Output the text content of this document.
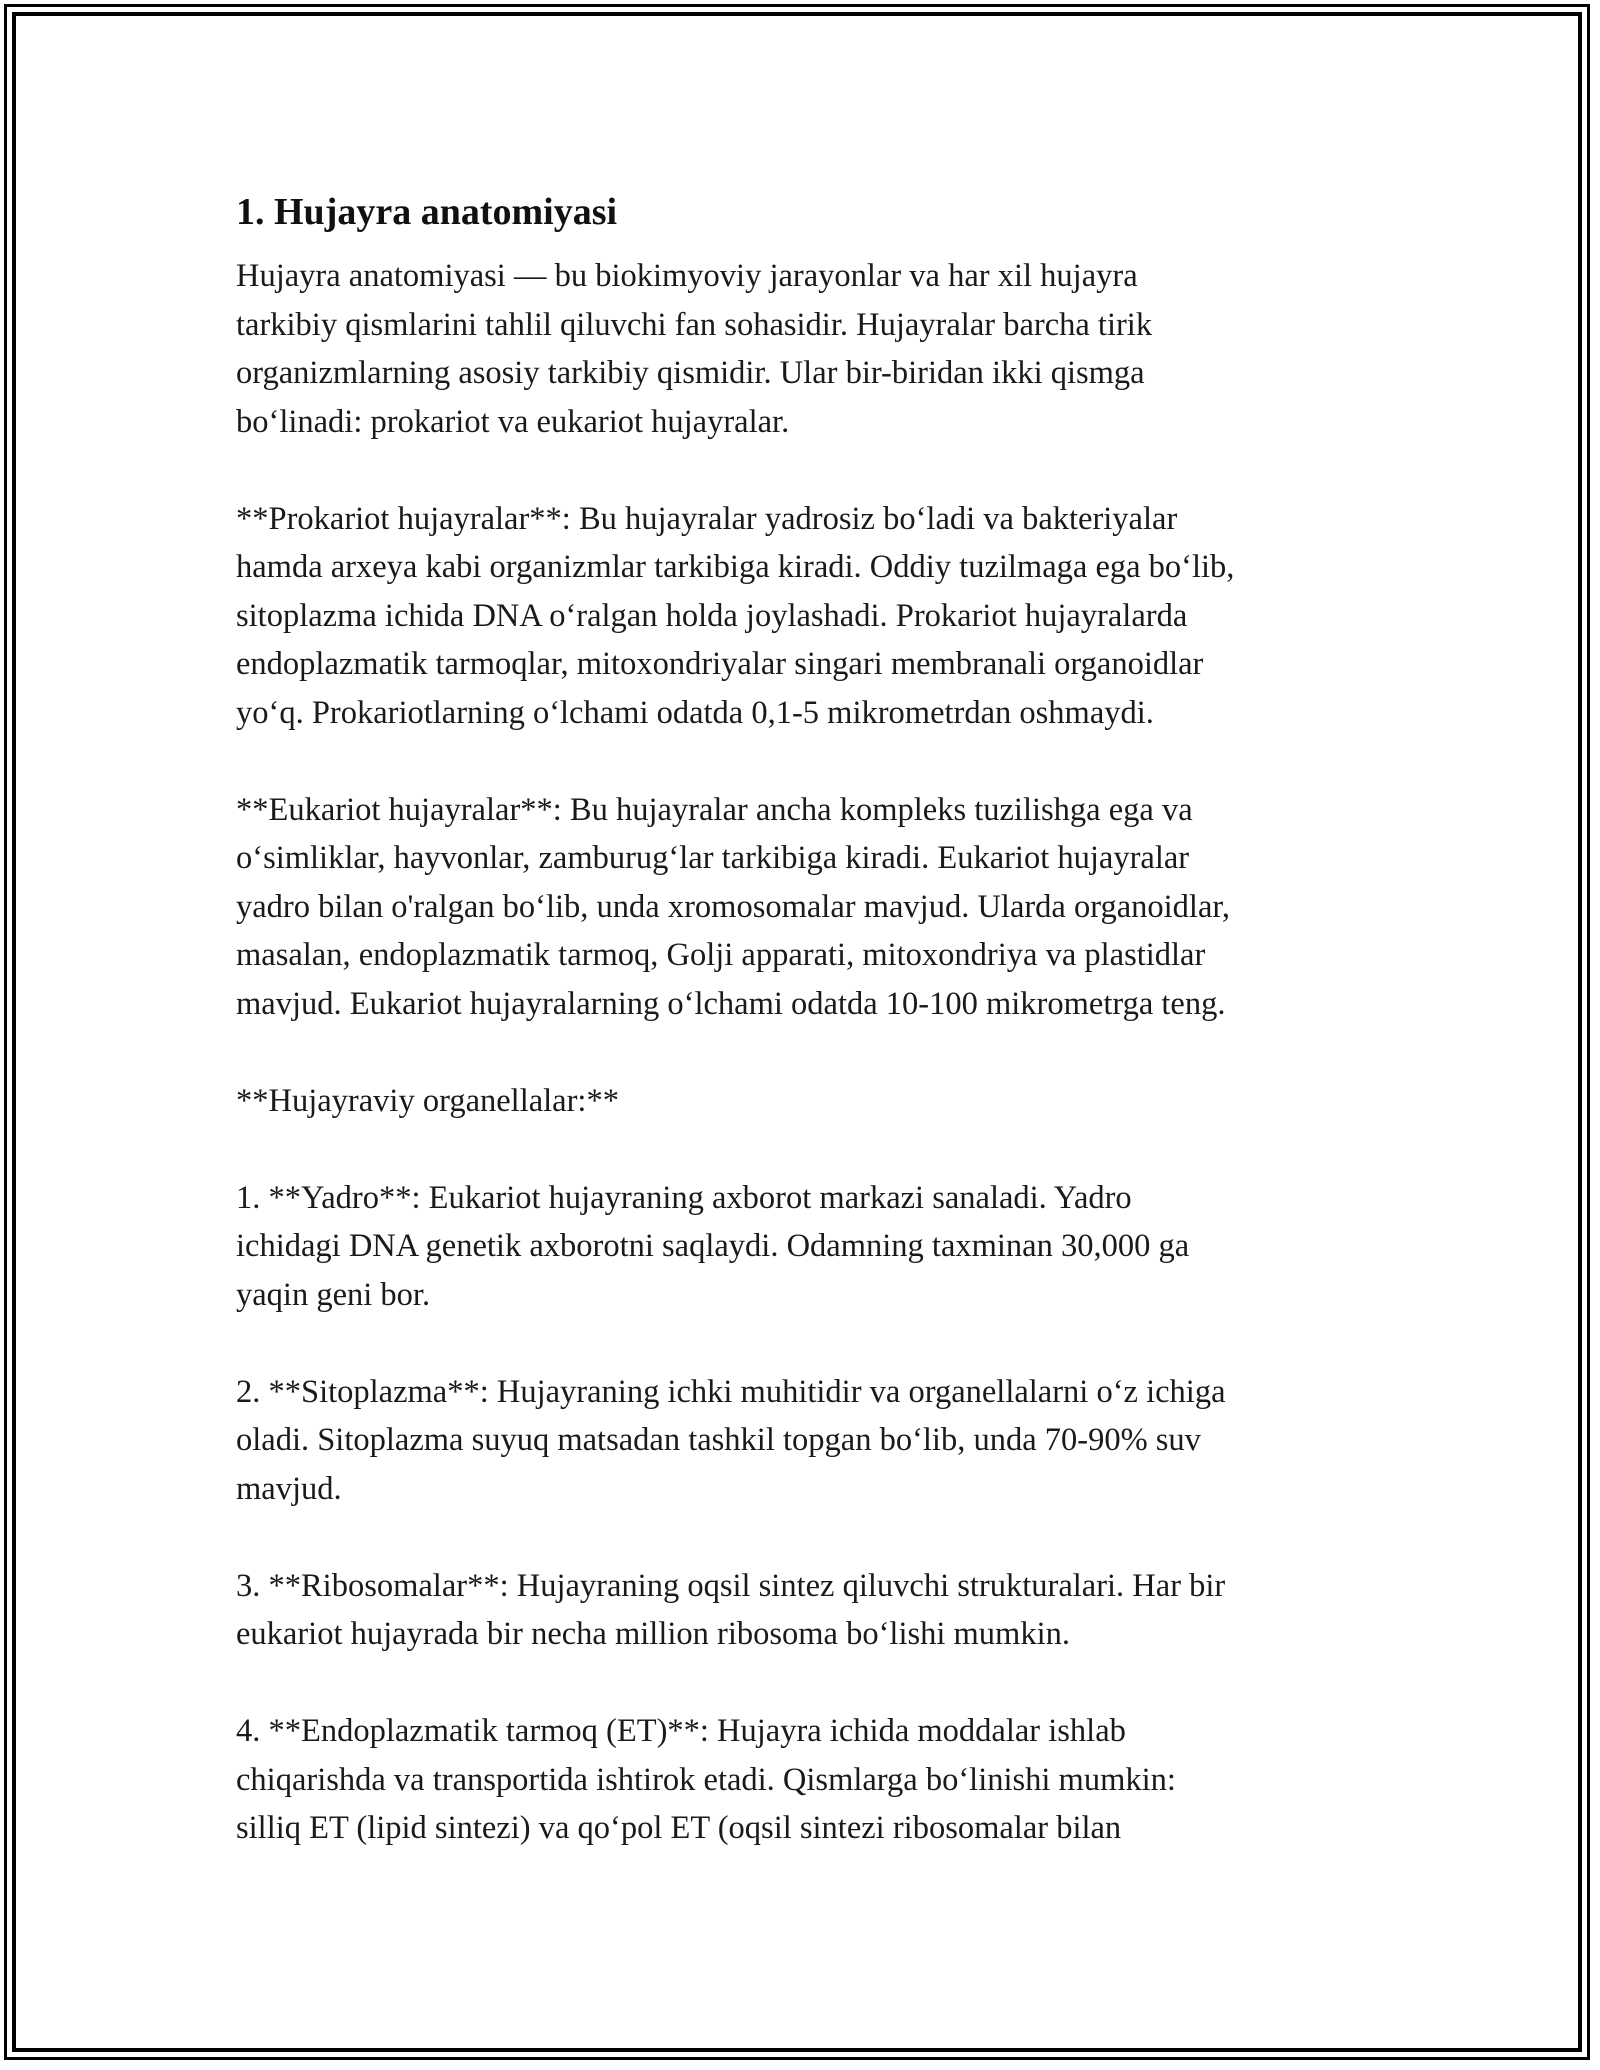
1. Hujayra anatomiyasi

Hujayra anatomiyasi — bu biokimyoviy jarayonlar va har xil hujayra
tarkibiy qismlarini tahlil qiluvchi fan sohasidir. Hujayralar barcha tirik
organizmlarning asosiy tarkibiy qismidir. Ular bir-biridan ikki qismga
bo‘linadi: prokariot va eukariot hujayralar.

**Prokariot hujayralar**: Bu hujayralar yadrosiz bo‘ladi va bakteriyalar
hamda arxeya kabi organizmlar tarkibiga kiradi. Oddiy tuzilmaga ega bo‘lib,
sitoplazma ichida DNA o‘ralgan holda joylashadi. Prokariot hujayralarda
endoplazmatik tarmoqlar, mitoxondriyalar singari membranali organoidlar
yo‘q. Prokariotlarning o‘lchami odatda 0,1-5 mikrometrdan oshmaydi.

**Eukariot hujayralar**: Bu hujayralar ancha kompleks tuzilishga ega va
o‘simliklar, hayvonlar, zamburug‘lar tarkibiga kiradi. Eukariot hujayralar
yadro bilan o'ralgan bo‘lib, unda xromosomalar mavjud. Ularda organoidlar,
masalan, endoplazmatik tarmoq, Golji apparati, mitoxondriya va plastidlar
mavjud. Eukariot hujayralarning o‘lchami odatda 10-100 mikrometrga teng.

**Hujayraviy organellalar:**

1. **Yadro**: Eukariot hujayraning axborot markazi sanaladi. Yadro
ichidagi DNA genetik axborotni saqlaydi. Odamning taxminan 30,000 ga
yaqin geni bor.

2. **Sitoplazma**: Hujayraning ichki muhitidir va organellalarni o‘z ichiga
oladi. Sitoplazma suyuq matsadan tashkil topgan bo‘lib, unda 70-90% suv
mavjud.

3. **Ribosomalar**: Hujayraning oqsil sintez qiluvchi strukturalari. Har bir
eukariot hujayrada bir necha million ribosoma bo‘lishi mumkin.

4. **Endoplazmatik tarmoq (ET)**: Hujayra ichida moddalar ishlab
chiqarishda va transportida ishtirok etadi. Qismlarga bo‘linishi mumkin:
silliq ET (lipid sintezi) va qo‘pol ET (oqsil sintezi ribosomalar bilan
